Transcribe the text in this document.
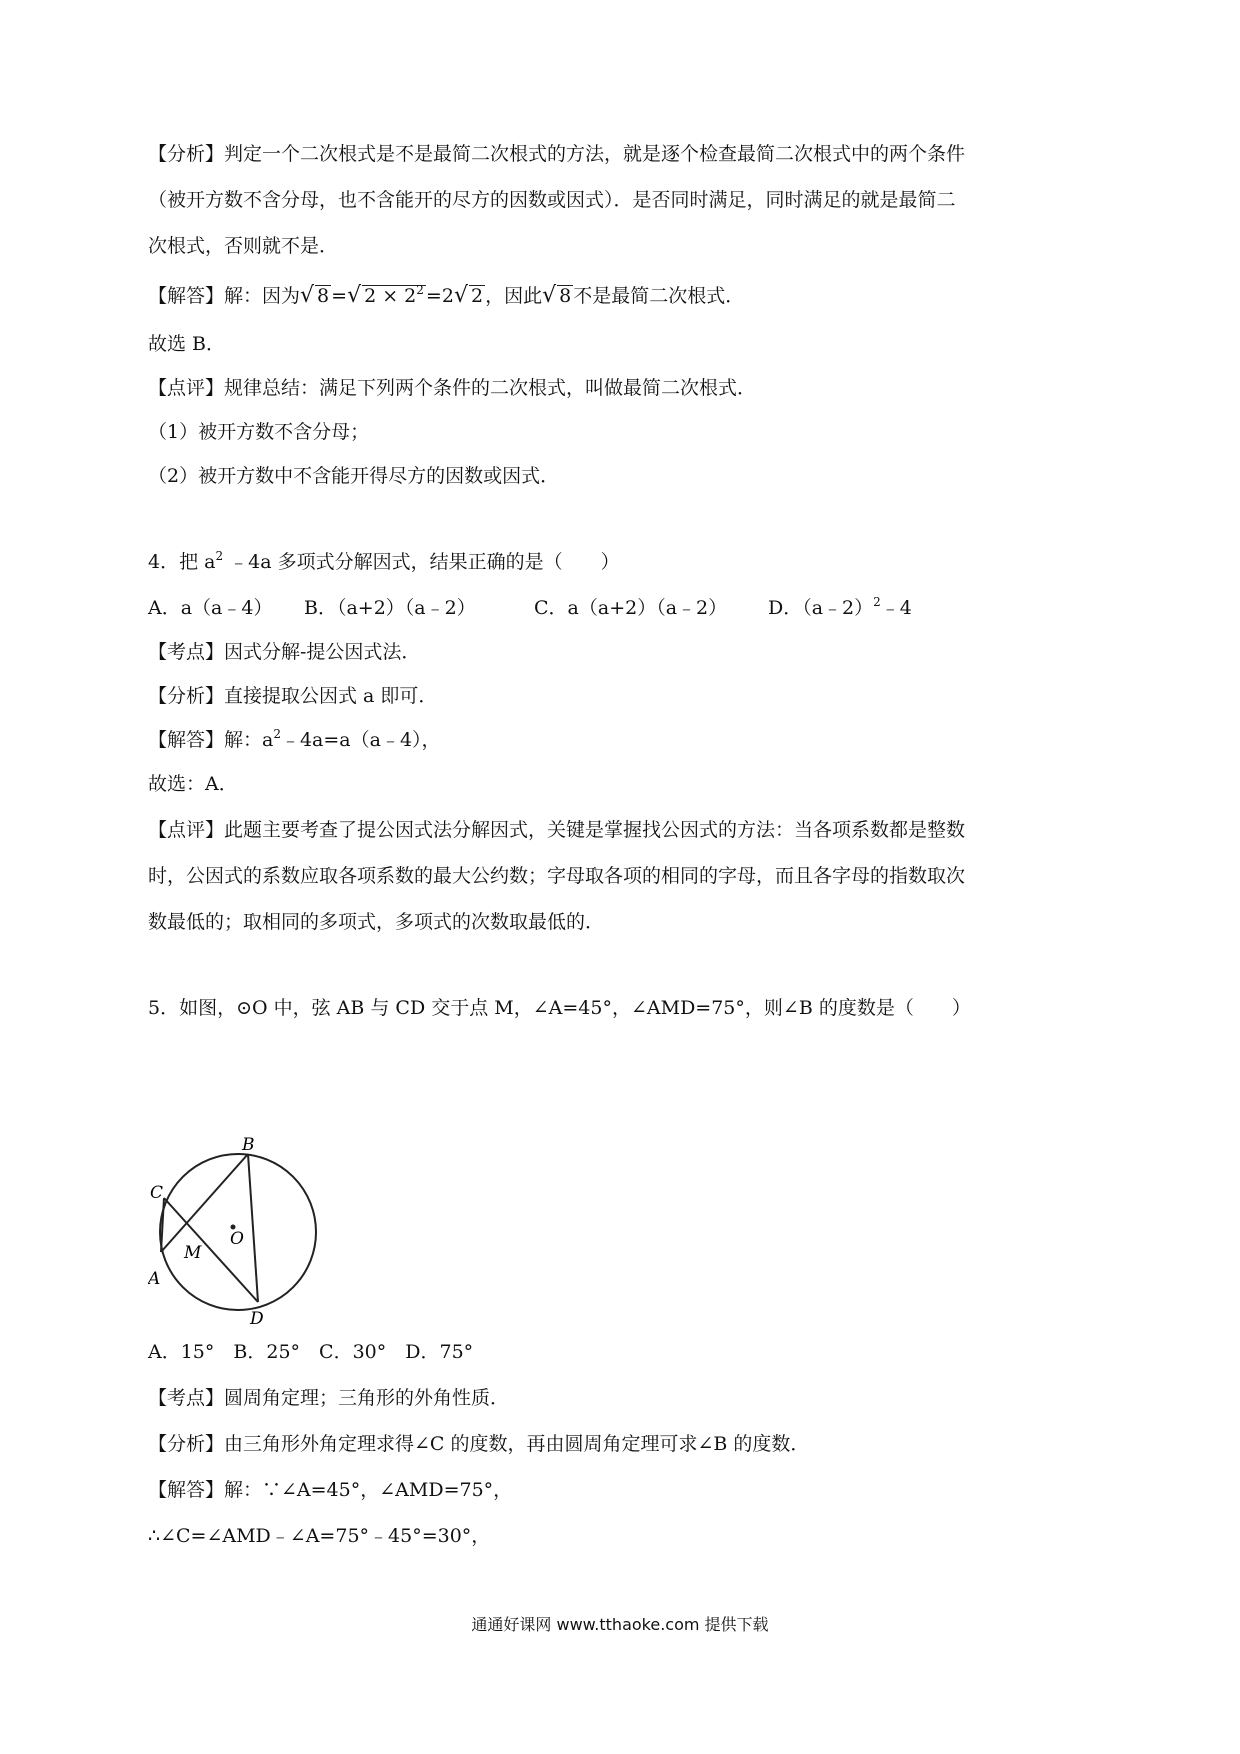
【分析】判定一个二次根式是不是最简二次根式的方法，就是逐个检查最简二次根式中的两个条件
（被开方数不含分母，也不含能开的尽方的因数或因式）．是否同时满足，同时满足的就是最简二
次根式，否则就不是．
【解答】解：因为√ 8 =√ $2 \times 2^2 =2√$ 2 ，因此√ 8 不是最简二次根式．
故选 B．
【点评】规律总结：满足下列两个条件的二次根式，叫做最简二次根式．
（1）被开方数不含分母；
（2）被开方数中不含能开得尽方的因数或因式．
4．把 $a^2$ ﹣4a 多项式分解因式，结果正确的是（　　）
A．a（a﹣4） B．（a+2）（a﹣2）	C．a（a+2）（a﹣2） D．（a﹣2）$^2$﹣4
【考点】因式分解-提公因式法．
【分析】直接提取公因式 a 即可．
【解答】解：$a^2﹣4a=a(a﹣4)$，
故选：A．
【点评】此题主要考查了提公因式法分解因式，关键是掌握找公因式的方法：当各项系数都是整数
时，公因式的系数应取各项系数的最大公约数；字母取各项的相同的字母，而且各字母的指数取次
数最低的；取相同的多项式，多项式的次数取最低的．
5．如图，⊙O 中，弦 AB 与 CD 交于点 M，∠A=45°，∠AMD=75°，则∠B 的度数是（　　）
B
C
O
M
A
D
A．15°　B．25°　C．30°　D．75°
【考点】圆周角定理；三角形的外角性质．
【分析】由三角形外角定理求得∠C 的度数，再由圆周角定理可求∠B 的度数．
【解答】解：∵∠A=45°，∠AMD=75°，
∴∠C=∠AMD﹣∠A=75°﹣45°=30°，
通通好课网 www.tthaoke.com 提供下载
